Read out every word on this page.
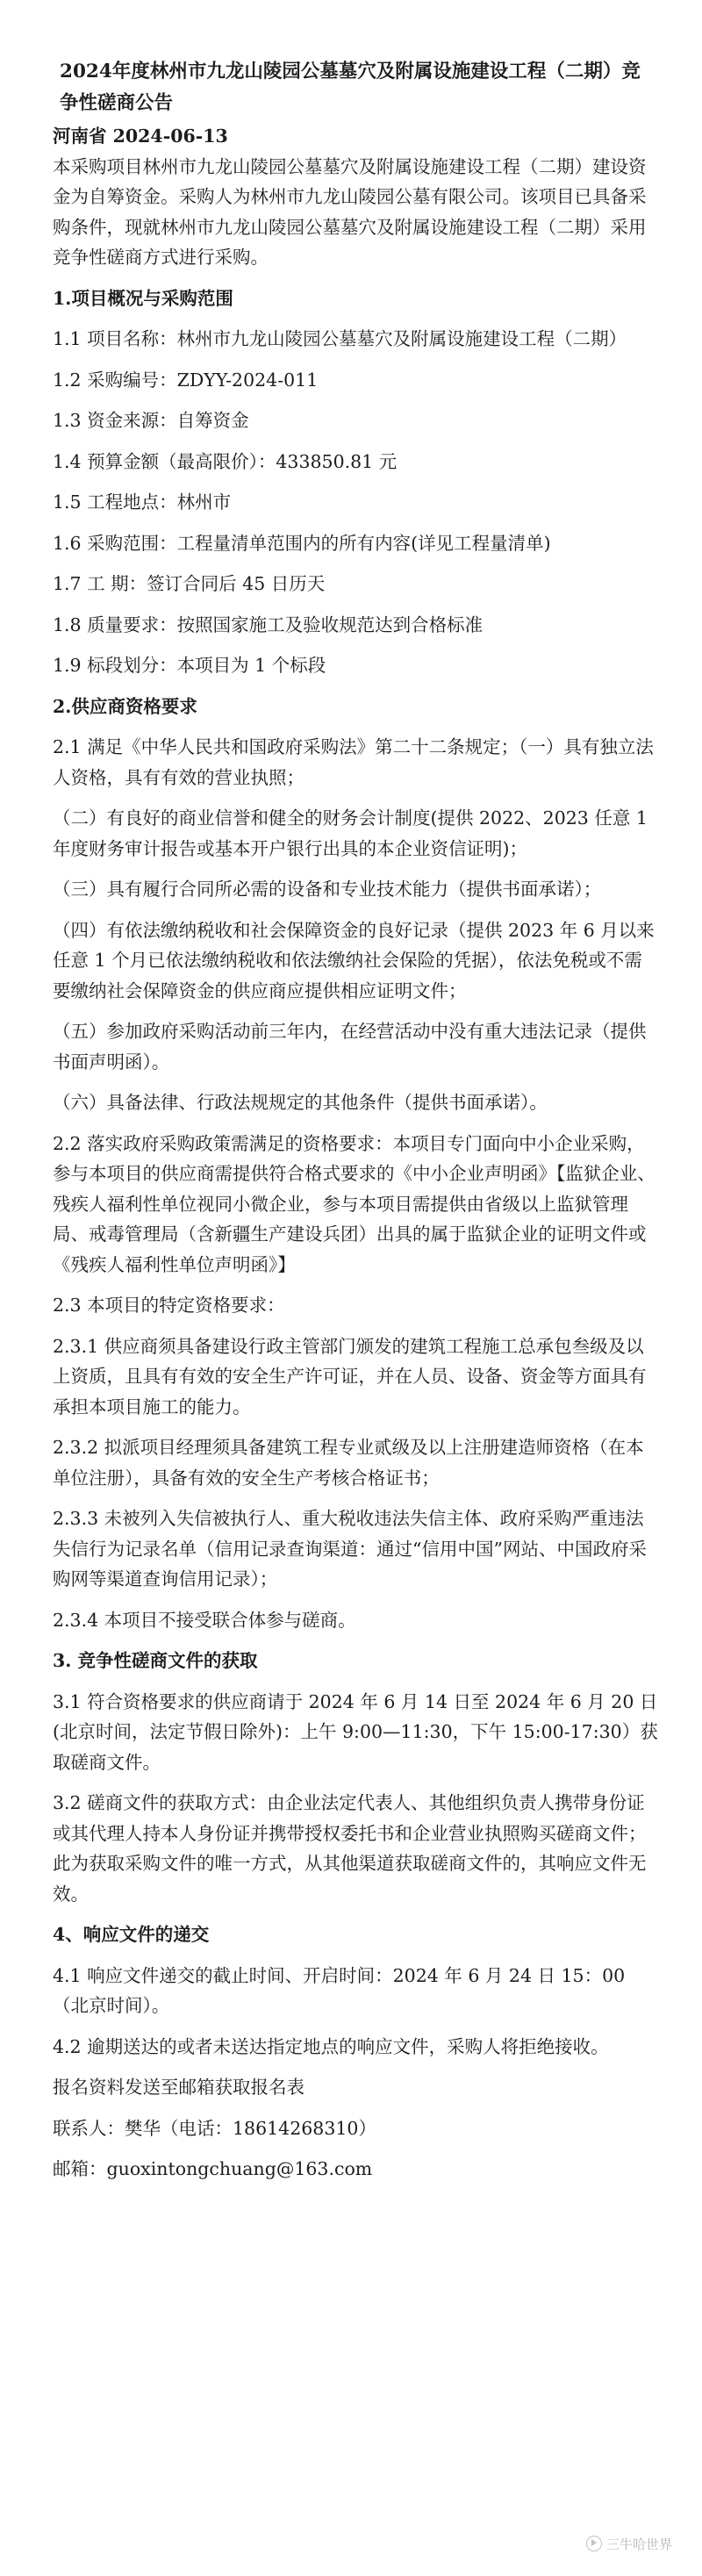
2024年度林州市九龙山陵园公墓墓穴及附属设施建设工程（二期）竞争性磋商公告
河南省 2024-06-13
本采购项目林州市九龙山陵园公墓墓穴及附属设施建设工程（二期）建设资金为自筹资金。采购人为林州市九龙山陵园公墓有限公司。该项目已具备采购条件，现就林州市九龙山陵园公墓墓穴及附属设施建设工程（二期）采用竞争性磋商方式进行采购。
1.项目概况与采购范围
1.1 项目名称：林州市九龙山陵园公墓墓穴及附属设施建设工程（二期）
1.2 采购编号：ZDYY-2024-011
1.3 资金来源：自筹资金
1.4 预算金额（最高限价）：433850.81 元
1.5 工程地点：林州市
1.6 采购范围：工程量清单范围内的所有内容(详见工程量清单)
1.7 工 期：签订合同后 45 日历天
1.8 质量要求：按照国家施工及验收规范达到合格标准
1.9 标段划分：本项目为 1 个标段
2.供应商资格要求
2.1 满足《中华人民共和国政府采购法》第二十二条规定；（一）具有独立法人资格，具有有效的营业执照；
（二）有良好的商业信誉和健全的财务会计制度(提供 2022、2023 任意 1 年度财务审计报告或基本开户银行出具的本企业资信证明)；
（三）具有履行合同所必需的设备和专业技术能力（提供书面承诺）；
（四）有依法缴纳税收和社会保障资金的良好记录（提供 2023 年 6 月以来任意 1 个月已依法缴纳税收和依法缴纳社会保险的凭据），依法免税或不需要缴纳社会保障资金的供应商应提供相应证明文件；
（五）参加政府采购活动前三年内，在经营活动中没有重大违法记录（提供书面声明函）。
（六）具备法律、行政法规规定的其他条件（提供书面承诺）。
2.2 落实政府采购政策需满足的资格要求：本项目专门面向中小企业采购，参与本项目的供应商需提供符合格式要求的《中小企业声明函》【监狱企业、残疾人福利性单位视同小微企业，参与本项目需提供由省级以上监狱管理局、戒毒管理局（含新疆生产建设兵团）出具的属于监狱企业的证明文件或《残疾人福利性单位声明函》】
2.3 本项目的特定资格要求：
2.3.1 供应商须具备建设行政主管部门颁发的建筑工程施工总承包叁级及以上资质，且具有有效的安全生产许可证，并在人员、设备、资金等方面具有承担本项目施工的能力。
2.3.2 拟派项目经理须具备建筑工程专业贰级及以上注册建造师资格（在本单位注册），具备有效的安全生产考核合格证书；
2.3.3 未被列入失信被执行人、重大税收违法失信主体、政府采购严重违法失信行为记录名单（信用记录查询渠道：通过“信用中国”网站、中国政府采购网等渠道查询信用记录）；
2.3.4 本项目不接受联合体参与磋商。
3. 竞争性磋商文件的获取
3.1 符合资格要求的供应商请于 2024 年 6 月 14 日至 2024 年 6 月 20 日(北京时间，法定节假日除外)：上午 9:00—11:30，下午 15:00-17:30）获取磋商文件。
3.2 磋商文件的获取方式：由企业法定代表人、其他组织负责人携带身份证或其代理人持本人身份证并携带授权委托书和企业营业执照购买磋商文件；此为获取采购文件的唯一方式，从其他渠道获取磋商文件的，其响应文件无效。
4、响应文件的递交
4.1 响应文件递交的截止时间、开启时间：2024 年 6 月 24 日 15：00（北京时间）。
4.2 逾期送达的或者未送达指定地点的响应文件，采购人将拒绝接收。
报名资料发送至邮箱获取报名表
联系人：樊华（电话：18614268310）
邮箱：guoxintongchuang@163.com
三牛哈世界
